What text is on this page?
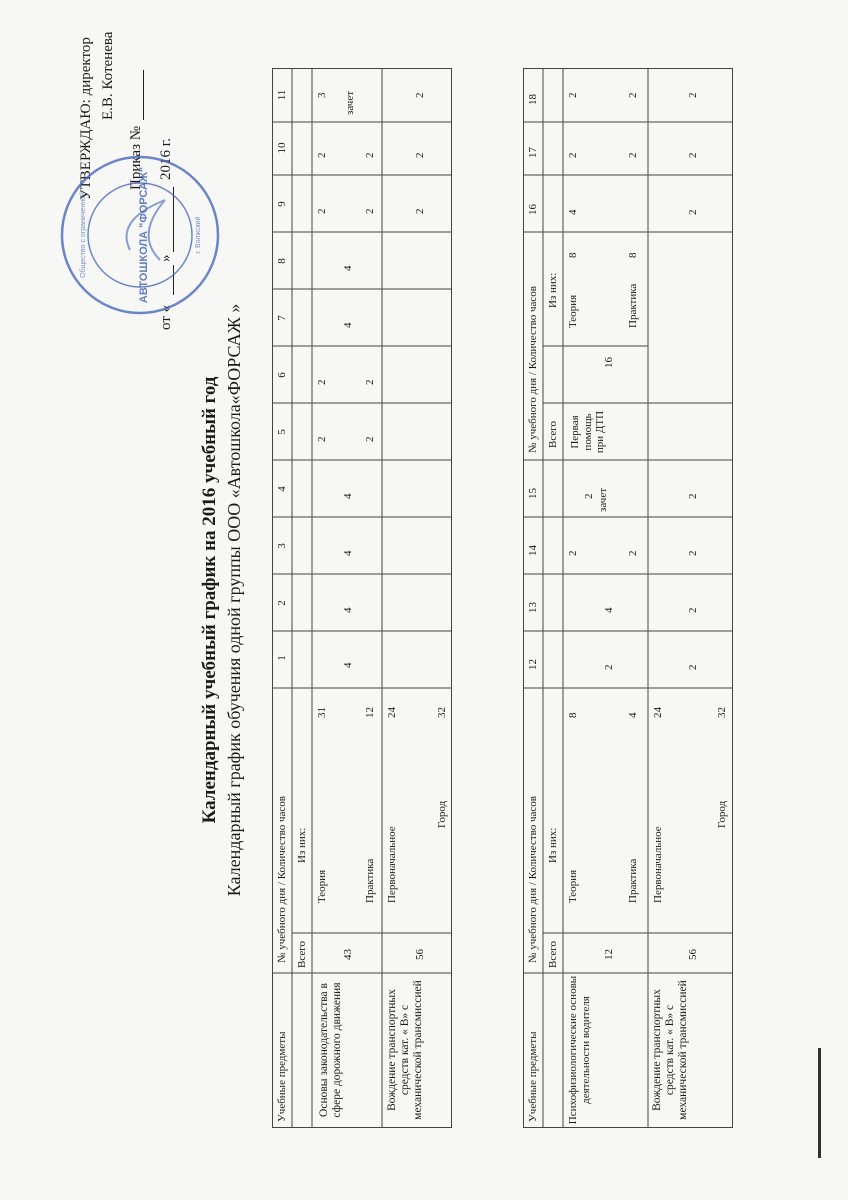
УТВЕРЖДАЮ: директор Е.В. Котенева
Приказ №
от «
»
2016 г.
АВТОШКОЛА "ФОРСАЖ"
Общество с ограниченной	г. Волжский
Календарный учебный график на 2016 учебный год Календарный график обучения одной группы ООО «Автошкола«ФОРСАЖ »
Учебные предметы
№ учебного дня / Количество часов Всего
Из них:
1
2
3
4
5
6
7
8
9
10
11
Основы законодательства в сфере дорожного движения
43
Теория
31
Практика
12
2
2
2
2
3
4
4
4
4
2
2
4
4
2
2
зачет
Вождение транспортных средств кат. « В» с механической трансмиссией
56
Первоначальное
24
Город
32
2
2
2
Учебные предметы
№ учебного дня / Количество часов Всего
Из них:
12
13
14
15
№ учебного дня / Количество часов
16
17
18
Всего
Из них:
Психофизиологические основы деятельности водителя
12
Теория
8
Практика
4
2
2
2
4
2
зачет
Первая помощь при ДТП
16
Теория
8
Практика
8
4
2
2
2
2
Вождение транспортных средств кат. « В» с механической трансмиссией
56
Первоначальное
24
Город
32
2
2
2
2
2
2
2
